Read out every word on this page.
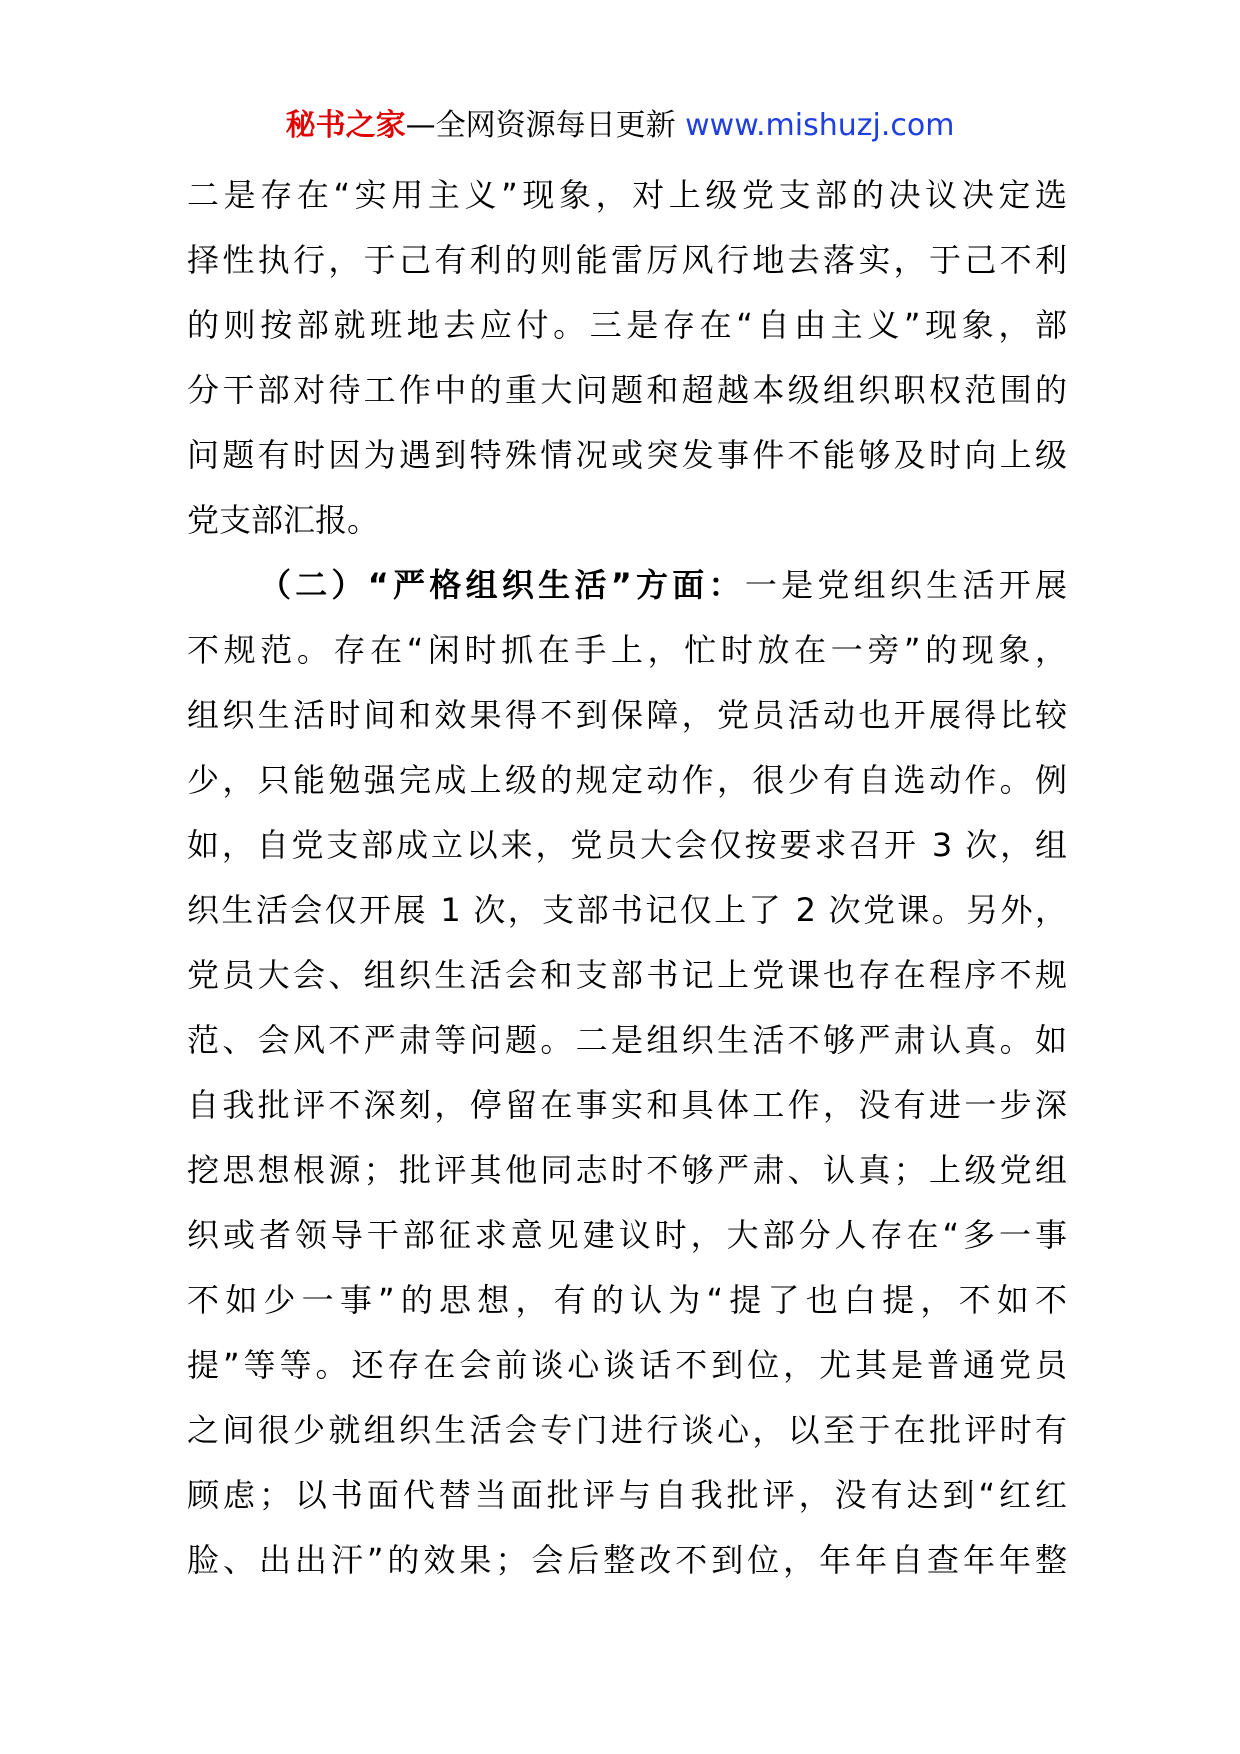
秘书之家—全网资源每日更新 www.mishuzj.com
二是存在“实用主义”现象，对上级党支部的决议决定选
择性执行，于己有利的则能雷厉风行地去落实，于己不利
的则按部就班地去应付。三是存在“自由主义”现象，部
分干部对待工作中的重大问题和超越本级组织职权范围的
问题有时因为遇到特殊情况或突发事件不能够及时向上级
党支部汇报。
（二）“严格组织生活”方面：一是党组织生活开展
不规范。存在“闲时抓在手上，忙时放在一旁”的现象，
组织生活时间和效果得不到保障，党员活动也开展得比较
少，只能勉强完成上级的规定动作，很少有自选动作。例
如，自党支部成立以来，党员大会仅按要求召开 3 次，组
织生活会仅开展 1 次，支部书记仅上了 2 次党课。另外，
党员大会、组织生活会和支部书记上党课也存在程序不规
范、会风不严肃等问题。二是组织生活不够严肃认真。如
自我批评不深刻，停留在事实和具体工作，没有进一步深
挖思想根源；批评其他同志时不够严肃、认真；上级党组
织或者领导干部征求意见建议时，大部分人存在“多一事
不如少一事”的思想，有的认为“提了也白提，不如不
提”等等。还存在会前谈心谈话不到位，尤其是普通党员
之间很少就组织生活会专门进行谈心，以至于在批评时有
顾虑；以书面代替当面批评与自我批评，没有达到“红红
脸、出出汗”的效果；会后整改不到位，年年自查年年整
